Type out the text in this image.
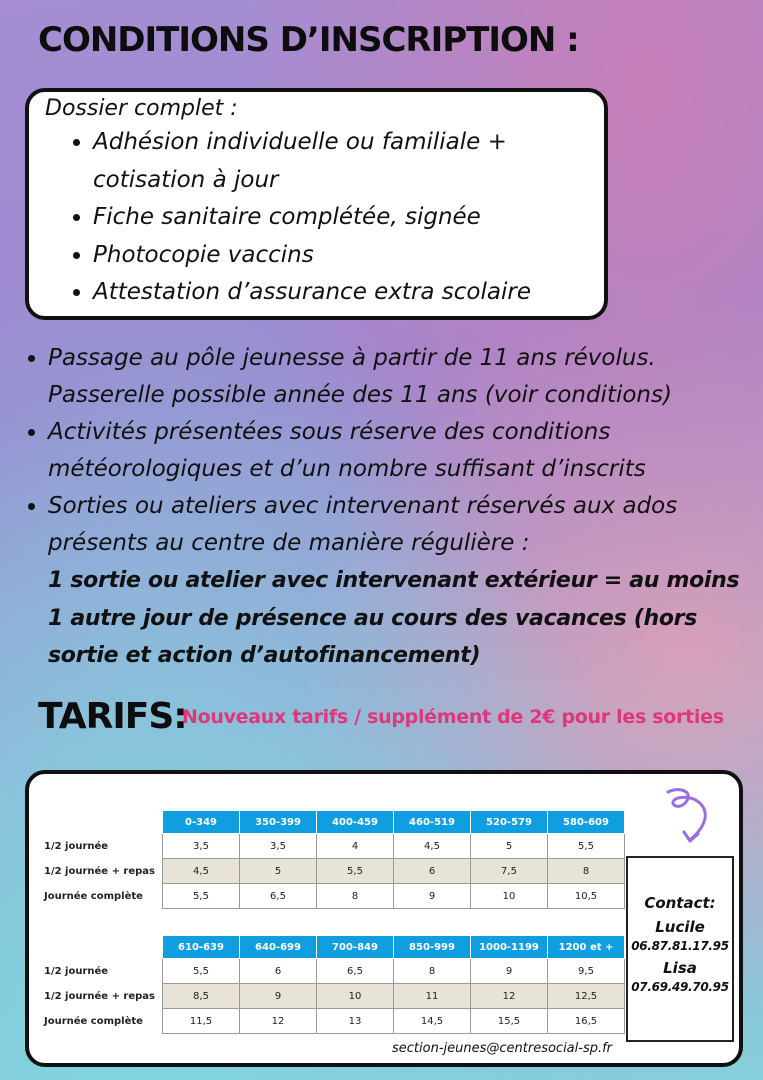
CONDITIONS D’INSCRIPTION :
Dossier complet :
• Adhésion individuelle ou familiale +
cotisation à jour
• Fiche sanitaire complétée, signée
• Photocopie vaccins
• Attestation d’assurance extra scolaire
• Passage au pôle jeunesse à partir de 11 ans révolus. Passerelle possible année des 11 ans (voir conditions)
• Activités présentées sous réserve des conditions météorologiques et d’un nombre suffisant d’inscrits
• Sorties ou ateliers avec intervenant réservés aux ados présents au centre de manière régulière :
1 sortie ou atelier avec intervenant extérieur = au moins 1 autre jour de présence au cours des vacances (hors sortie et action d’autofinancement)
TARIFS:
Nouveaux tarifs / supplément de 2€ pour les sorties
	0-349	350-399	400-459	460-519	520-579	580-609
1/2 journée	3,5	3,5	4	4,5	5	5,5
1/2 journée + repas	4,5	5	5,5	6	7,5	8
Journée complète	5,5	6,5	8	9	10	10,5
	610-639	640-699	700-849	850-999	1000-1199	1200 et +
1/2 journée	5,5	6	6,5	8	9	9,5
1/2 journée + repas	8,5	9	10	11	12	12,5
Journée complète	11,5	12	13	14,5	15,5	16,5
Contact:
Lucile
06.87.81.17.95
Lisa
07.69.49.70.95
section-jeunes@centresocial-sp.fr
